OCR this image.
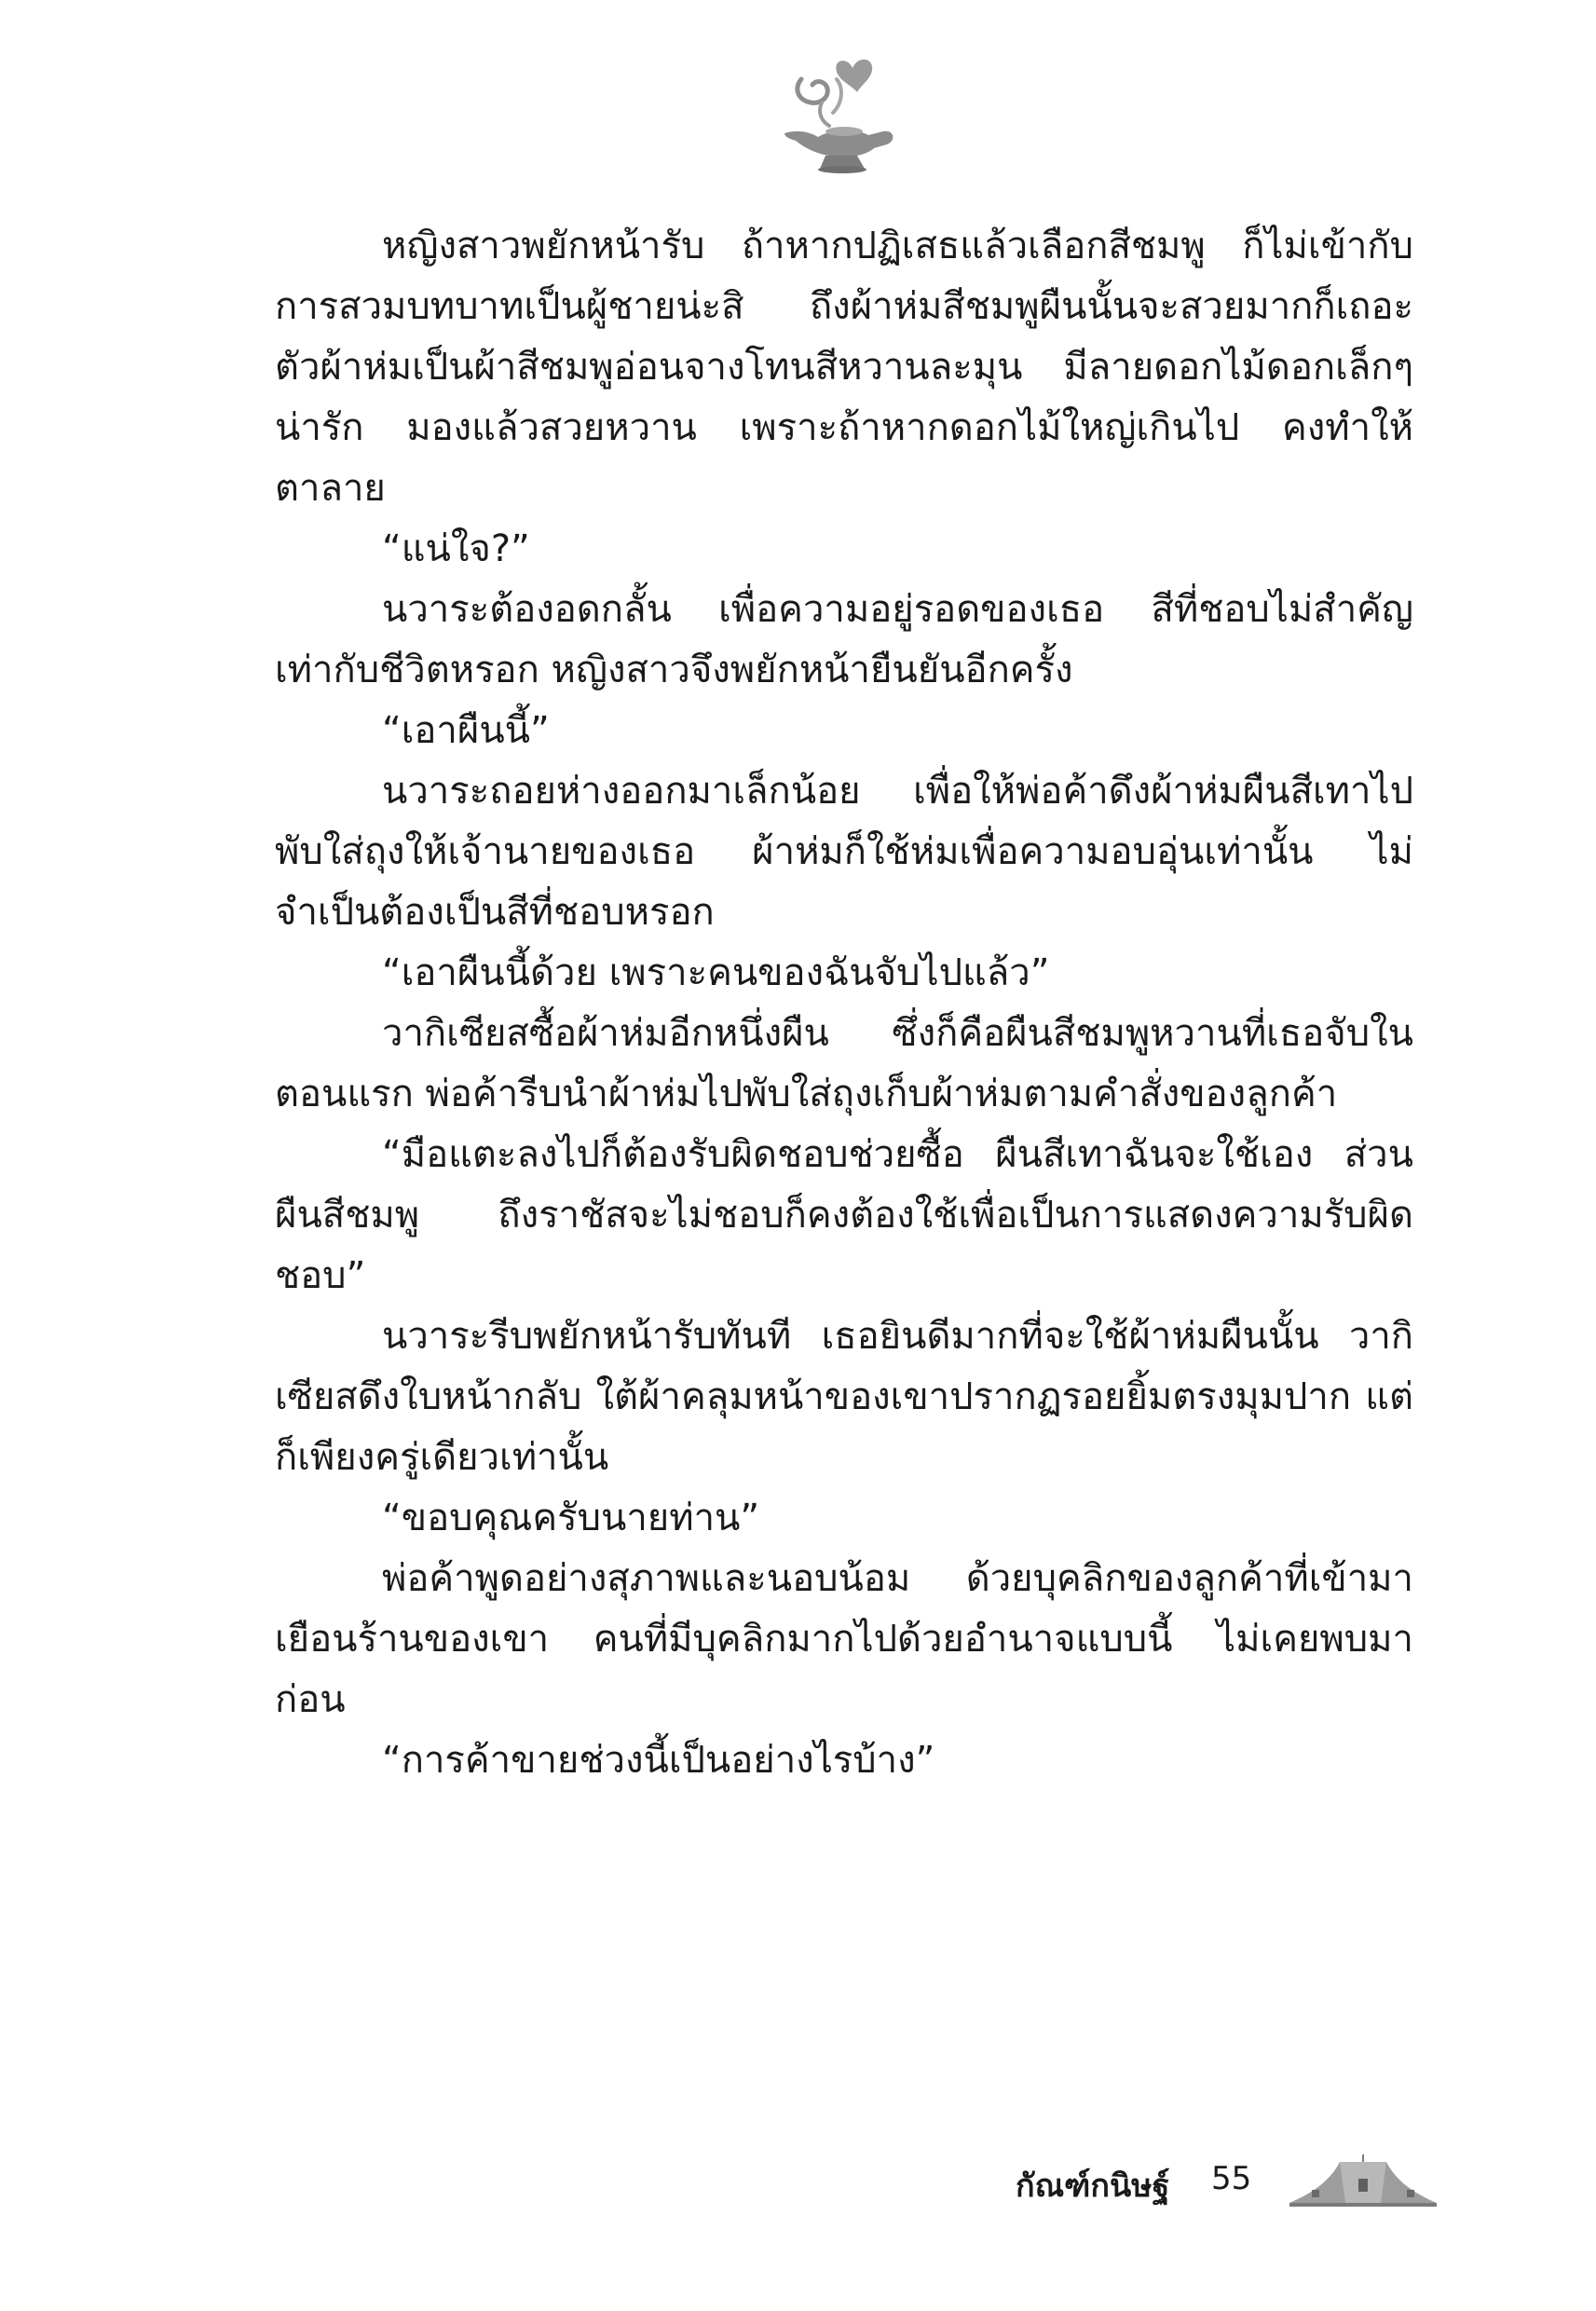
หญิงสาวพยักหน้ารับ ถ้าหากปฏิเสธแล้วเลือกสีชมพู ก็ไม่เข้ากับการสวมบทบาทเป็นผู้ชายน่ะสิ ถึงผ้าห่มสีชมพูผืนนั้นจะสวยมากก็เถอะ ตัวผ้าห่มเป็นผ้าสีชมพูอ่อนจางโทนสีหวานละมุน มีลายดอกไม้ดอกเล็กๆ น่ารัก มองแล้วสวยหวาน เพราะถ้าหากดอกไม้ใหญ่เกินไป คงทำให้ตาลาย

“แน่ใจ?”

นวาระต้องอดกลั้น เพื่อความอยู่รอดของเธอ สีที่ชอบไม่สำคัญเท่ากับชีวิตหรอก หญิงสาวจึงพยักหน้ายืนยันอีกครั้ง

“เอาผืนนี้”

นวาระถอยห่างออกมาเล็กน้อย เพื่อให้พ่อค้าดึงผ้าห่มผืนสีเทาไปพับใส่ถุงให้เจ้านายของเธอ ผ้าห่มก็ใช้ห่มเพื่อความอบอุ่นเท่านั้น ไม่จำเป็นต้องเป็นสีที่ชอบหรอก

“เอาผืนนี้ด้วย เพราะคนของฉันจับไปแล้ว”

วากิเซียสซื้อผ้าห่มอีกหนึ่งผืน ซึ่งก็คือผืนสีชมพูหวานที่เธอจับในตอนแรก พ่อค้ารีบนำผ้าห่มไปพับใส่ถุงเก็บผ้าห่มตามคำสั่งของลูกค้า

“มือแตะลงไปก็ต้องรับผิดชอบช่วยซื้อ ผืนสีเทาฉันจะใช้เอง ส่วนผืนสีชมพู ถึงราชัสจะไม่ชอบก็คงต้องใช้เพื่อเป็นการแสดงความรับผิดชอบ”

นวาระรีบพยักหน้ารับทันที เธอยินดีมากที่จะใช้ผ้าห่มผืนนั้น วากิเซียสดึงใบหน้ากลับ ใต้ผ้าคลุมหน้าของเขาปรากฏรอยยิ้มตรงมุมปาก แต่ก็เพียงครู่เดียวเท่านั้น

“ขอบคุณครับนายท่าน”

พ่อค้าพูดอย่างสุภาพและนอบน้อม ด้วยบุคลิกของลูกค้าที่เข้ามาเยือนร้านของเขา คนที่มีบุคลิกมากไปด้วยอำนาจแบบนี้ ไม่เคยพบมาก่อน

“การค้าขายช่วงนี้เป็นอย่างไรบ้าง”

กัณฑ์กนิษฐ์	55
